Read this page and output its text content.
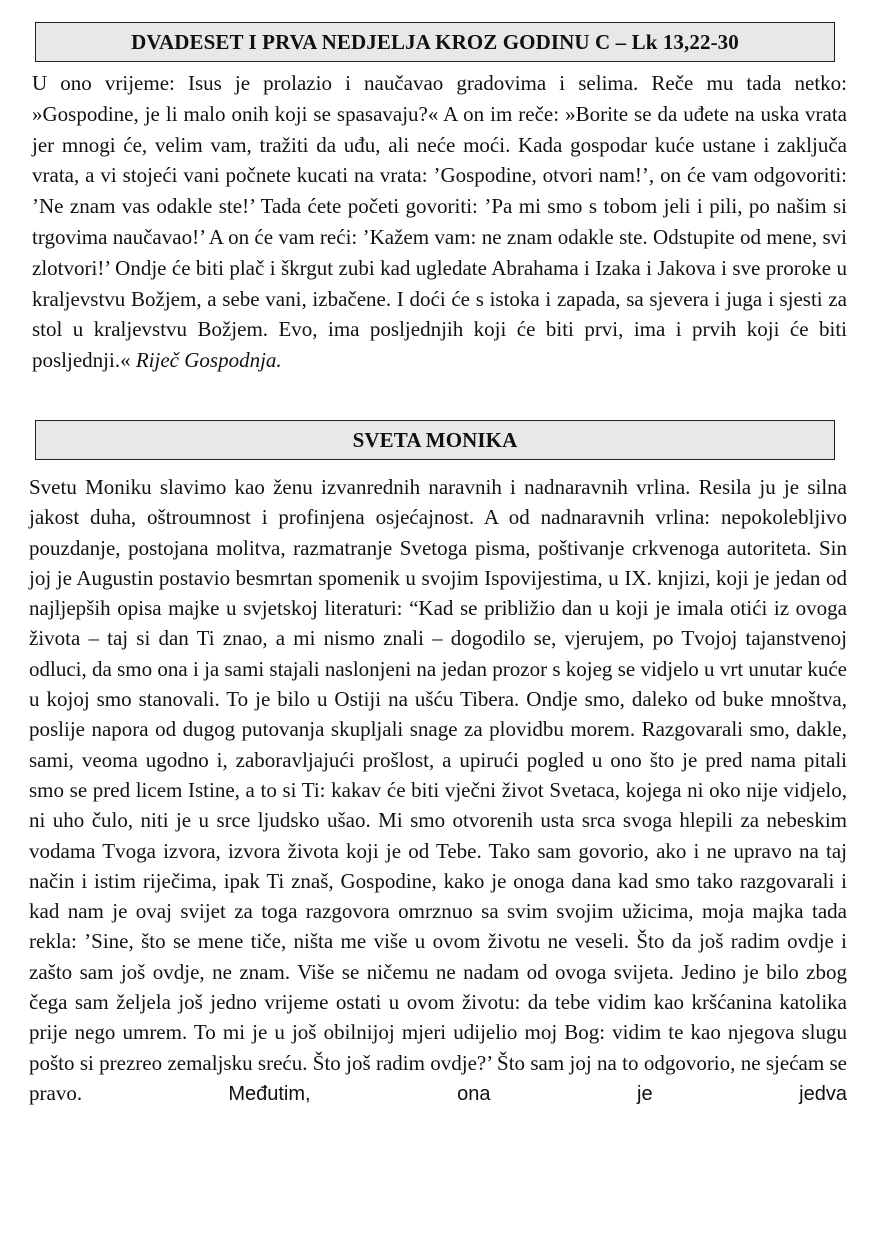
DVADESET I PRVA NEDJELJA KROZ GODINU C – Lk 13,22-30
U ono vrijeme: Isus je prolazio i naučavao gradovima i selima. Reče mu tada netko: »Gospodine, je li malo onih koji se spasavaju?« A on im reče: »Borite se da uđete na uska vrata jer mnogi će, velim vam, tražiti da uđu, ali neće moći. Kada gospodar kuće ustane i zaključa vrata, a vi stojeći vani počnete kucati na vrata: ’Gospodine, otvori nam!’, on će vam odgovoriti: ’Ne znam vas odakle ste!’ Tada ćete početi govoriti: ’Pa mi smo s tobom jeli i pili, po našim si trgovima naučavao!’ A on će vam reći: ’Kažem vam: ne znam odakle ste. Odstupite od mene, svi zlotvori!’ Ondje će biti plač i škrgut zubi kad ugledate Abrahama i Izaka i Jakova i sve proroke u kraljevstvu Božjem, a sebe vani, izbačene. I doći će s istoka i zapada, sa sjevera i juga i sjesti za stol u kraljevstvu Božjem. Evo, ima posljednjih koji će biti prvi, ima i prvih koji će biti posljednji.« Riječ Gospodnja.
SVETA MONIKA
Svetu Moniku slavimo kao ženu izvanrednih naravnih i nadnaravnih vrlina. Resila ju je silna jakost duha, oštroumnost i profinjena osjećajnost. A od nadnaravnih vrlina: nepokolebljivo pouzdanje, postojana molitva, razmatranje Svetoga pisma, poštivanje crkvenoga autoriteta. Sin joj je Augustin postavio besmrtan spomenik u svojim Ispovijestima, u IX. knjizi, koji je jedan od najljepših opisa majke u svjetskoj literaturi: “Kad se približio dan u koji je imala otići iz ovoga života – taj si dan Ti znao, a mi nismo znali – dogodilo se, vjerujem, po Tvojoj tajanstvenoj odluci, da smo ona i ja sami stajali naslonjeni na jedan prozor s kojeg se vidjelo u vrt unutar kuće u kojoj smo stanovali. To je bilo u Ostiji na ušću Tibera. Ondje smo, daleko od buke mnoštva, poslije napora od dugog putovanja skupljali snage za plovidbu morem. Razgovarali smo, dakle, sami, veoma ugodno i, zaboravljajući prošlost, a upirući pogled u ono što je pred nama pitali smo se pred licem Istine, a to si Ti: kakav će biti vječni život Svetaca, kojega ni oko nije vidjelo, ni uho čulo, niti je u srce ljudsko ušao. Mi smo otvorenih usta srca svoga hlepili za nebeskim vodama Tvoga izvora, izvora života koji je od Tebe. Tako sam govorio, ako i ne upravo na taj način i istim riječima, ipak Ti znaš, Gospodine, kako je onoga dana kad smo tako razgovarali i kad nam je ovaj svijet za toga razgovora omrznuo sa svim svojim užicima, moja majka tada rekla: ’Sine, što se mene tiče, ništa me više u ovom životu ne veseli. Što da još radim ovdje i zašto sam još ovdje, ne znam. Više se ničemu ne nadam od ovoga svijeta. Jedino je bilo zbog čega sam željela još jedno vrijeme ostati u ovom životu: da tebe vidim kao kršćanina katolika prije nego umrem. To mi je u još obilnijoj mjeri udijelio moj Bog: vidim te kao njegova slugu pošto si prezreo zemaljsku sreću. Što još radim ovdje?’ Što sam joj na to odgovorio, ne sjećam se pravo. Međutim, ona je jedva
